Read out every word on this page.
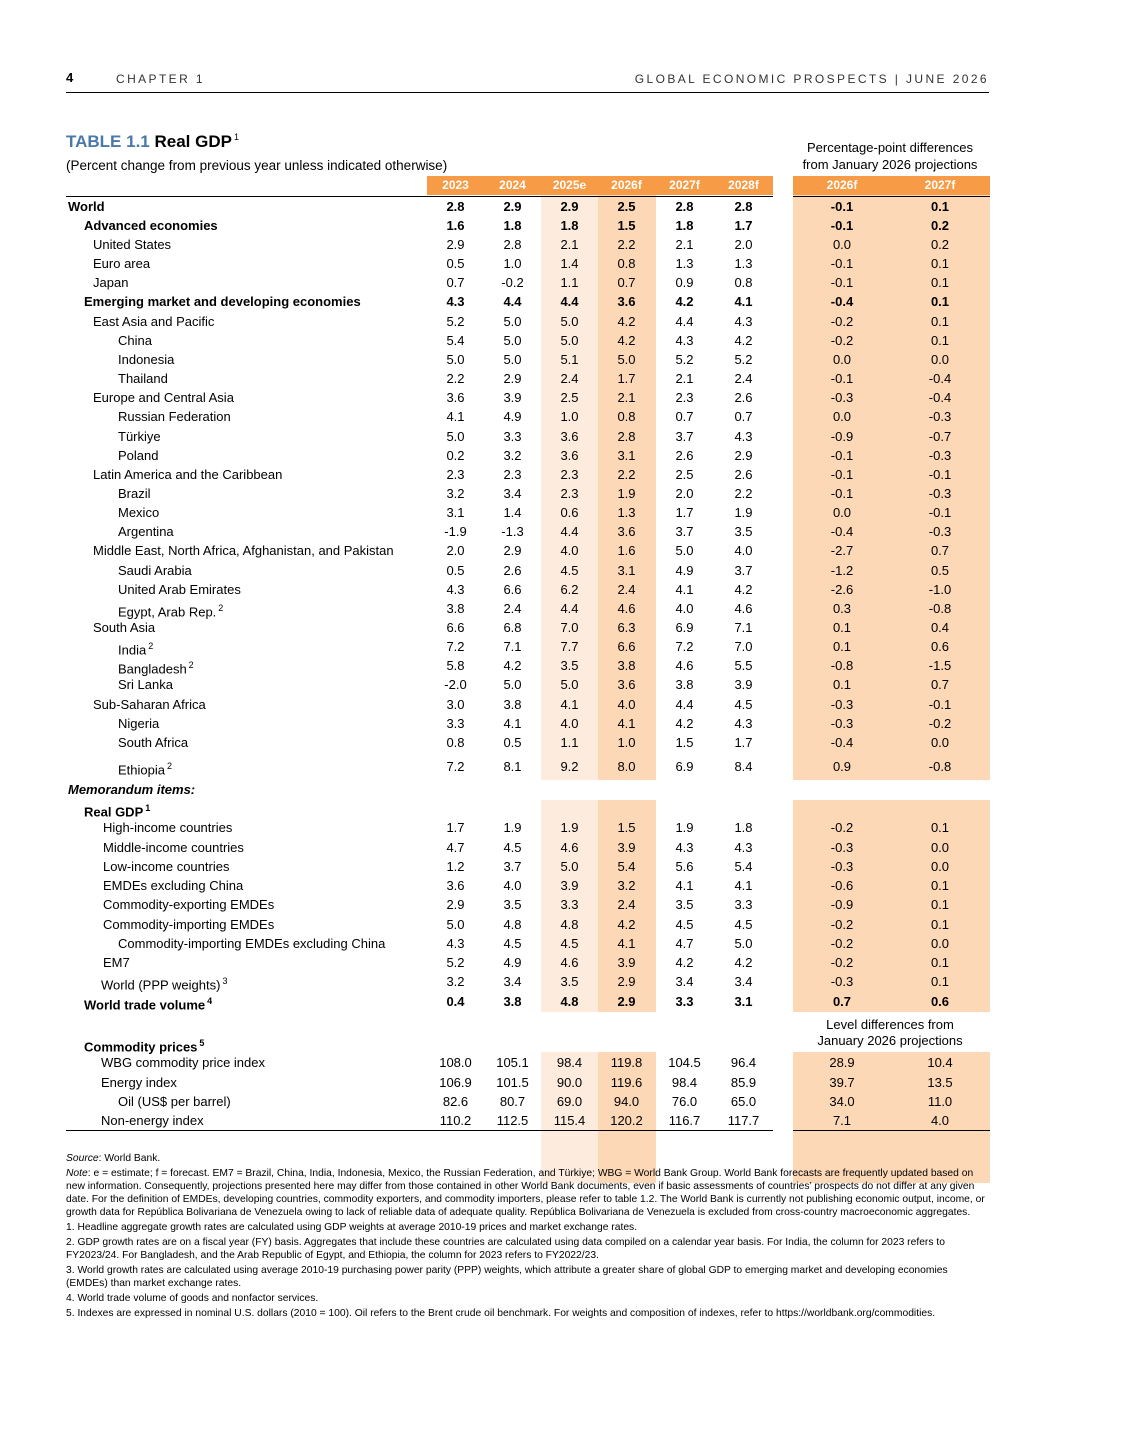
4	CHAPTER 1	GLOBAL ECONOMIC PROSPECTS | JUNE 2026
TABLE 1.1 Real GDP $^1$
(Percent change from previous year unless indicated otherwise)
Percentage-point differences
from January 2026 projections
2023	2024	2025e	2026f	2027f	2028f	2026f	2027f
World	2.8	2.9	2.9	2.5	2.8	2.8	-0.1	0.1
Advanced economies	1.6	1.8	1.8	1.5	1.8	1.7	-0.1	0.2
United States	2.9	2.8	2.1	2.2	2.1	2.0	0.0	0.2
Euro area	0.5	1.0	1.4	0.8	1.3	1.3	-0.1	0.1
Japan	0.7	-0.2	1.1	0.7	0.9	0.8	-0.1	0.1
Emerging market and developing economies	4.3	4.4	4.4	3.6	4.2	4.1	-0.4	0.1
East Asia and Pacific	5.2	5.0	5.0	4.2	4.4	4.3	-0.2	0.1
China	5.4	5.0	5.0	4.2	4.3	4.2	-0.2	0.1
Indonesia	5.0	5.0	5.1	5.0	5.2	5.2	0.0	0.0
Thailand	2.2	2.9	2.4	1.7	2.1	2.4	-0.1	-0.4
Europe and Central Asia	3.6	3.9	2.5	2.1	2.3	2.6	-0.3	-0.4
Russian Federation	4.1	4.9	1.0	0.8	0.7	0.7	0.0	-0.3
Türkiye	5.0	3.3	3.6	2.8	3.7	4.3	-0.9	-0.7
Poland	0.2	3.2	3.6	3.1	2.6	2.9	-0.1	-0.3
Latin America and the Caribbean	2.3	2.3	2.3	2.2	2.5	2.6	-0.1	-0.1
Brazil	3.2	3.4	2.3	1.9	2.0	2.2	-0.1	-0.3
Mexico	3.1	1.4	0.6	1.3	1.7	1.9	0.0	-0.1
Argentina	-1.9	-1.3	4.4	3.6	3.7	3.5	-0.4	-0.3
Middle East, North Africa, Afghanistan, and Pakistan	2.0	2.9	4.0	1.6	5.0	4.0	-2.7	0.7
Saudi Arabia	0.5	2.6	4.5	3.1	4.9	3.7	-1.2	0.5
United Arab Emirates	4.3	6.6	6.2	2.4	4.1	4.2	-2.6	-1.0
Egypt, Arab Rep. $^2$	3.8	2.4	4.4	4.6	4.0	4.6	0.3	-0.8
South Asia	6.6	6.8	7.0	6.3	6.9	7.1	0.1	0.4
India $^2$	7.2	7.1	7.7	6.6	7.2	7.0	0.1	0.6
Bangladesh $^2$	5.8	4.2	3.5	3.8	4.6	5.5	-0.8	-1.5
Sri Lanka	-2.0	5.0	5.0	3.6	3.8	3.9	0.1	0.7
Sub-Saharan Africa	3.0	3.8	4.1	4.0	4.4	4.5	-0.3	-0.1
Nigeria	3.3	4.1	4.0	4.1	4.2	4.3	-0.3	-0.2
South Africa	0.8	0.5	1.1	1.0	1.5	1.7	-0.4	0.0
Ethiopia $^2$	7.2	8.1	9.2	8.0	6.9	8.4	0.9	-0.8
Memorandum items:
Real GDP $^1$
High-income countries	1.7	1.9	1.9	1.5	1.9	1.8	-0.2	0.1
Middle-income countries	4.7	4.5	4.6	3.9	4.3	4.3	-0.3	0.0
Low-income countries	1.2	3.7	5.0	5.4	5.6	5.4	-0.3	0.0
EMDEs excluding China	3.6	4.0	3.9	3.2	4.1	4.1	-0.6	0.1
Commodity-exporting EMDEs	2.9	3.5	3.3	2.4	3.5	3.3	-0.9	0.1
Commodity-importing EMDEs	5.0	4.8	4.8	4.2	4.5	4.5	-0.2	0.1
Commodity-importing EMDEs excluding China	4.3	4.5	4.5	4.1	4.7	5.0	-0.2	0.0
EM7	5.2	4.9	4.6	3.9	4.2	4.2	-0.2	0.1
World (PPP weights) $^3$	3.2	3.4	3.5	2.9	3.4	3.4	-0.3	0.1
World trade volume $^4$	0.4	3.8	4.8	2.9	3.3	3.1	0.7	0.6
Commodity prices $^5$
WBG commodity price index	108.0	105.1	98.4	119.8	104.5	96.4	28.9	10.4
Energy index	106.9	101.5	90.0	119.6	98.4	85.9	39.7	13.5
Oil (US$ per barrel)	82.6	80.7	69.0	94.0	76.0	65.0	34.0	11.0
Non-energy index	110.2	112.5	115.4	120.2	116.7	117.7	7.1	4.0
Level differences from
January 2026 projections

Source: World Bank.

Note: e = estimate; f = forecast. EM7 = Brazil, China, India, Indonesia, Mexico, the Russian Federation, and Türkiye; WBG = World Bank Group. World Bank forecasts are frequently updated based on new information. Consequently, projections presented here may differ from those contained in other World Bank documents, even if basic assessments of countries’ prospects do not differ at any given date. For the definition of EMDEs, developing countries, commodity exporters, and commodity importers, please refer to table 1.2. The World Bank is currently not publishing economic output, income, or growth data for República Bolivariana de Venezuela owing to lack of reliable data of adequate quality. República Bolivariana de Venezuela is excluded from cross-country macroeconomic aggregates.

1. Headline aggregate growth rates are calculated using GDP weights at average 2010-19 prices and market exchange rates.

2. GDP growth rates are on a fiscal year (FY) basis. Aggregates that include these countries are calculated using data compiled on a calendar year basis. For India, the column for 2023 refers to FY2023/24. For Bangladesh, and the Arab Republic of Egypt, and Ethiopia, the column for 2023 refers to FY2022/23.

3. World growth rates are calculated using average 2010-19 purchasing power parity (PPP) weights, which attribute a greater share of global GDP to emerging market and developing economies (EMDEs) than market exchange rates.

4. World trade volume of goods and nonfactor services.

5. Indexes are expressed in nominal U.S. dollars (2010 = 100). Oil refers to the Brent crude oil benchmark. For weights and composition of indexes, refer to https://worldbank.org/commodities.
